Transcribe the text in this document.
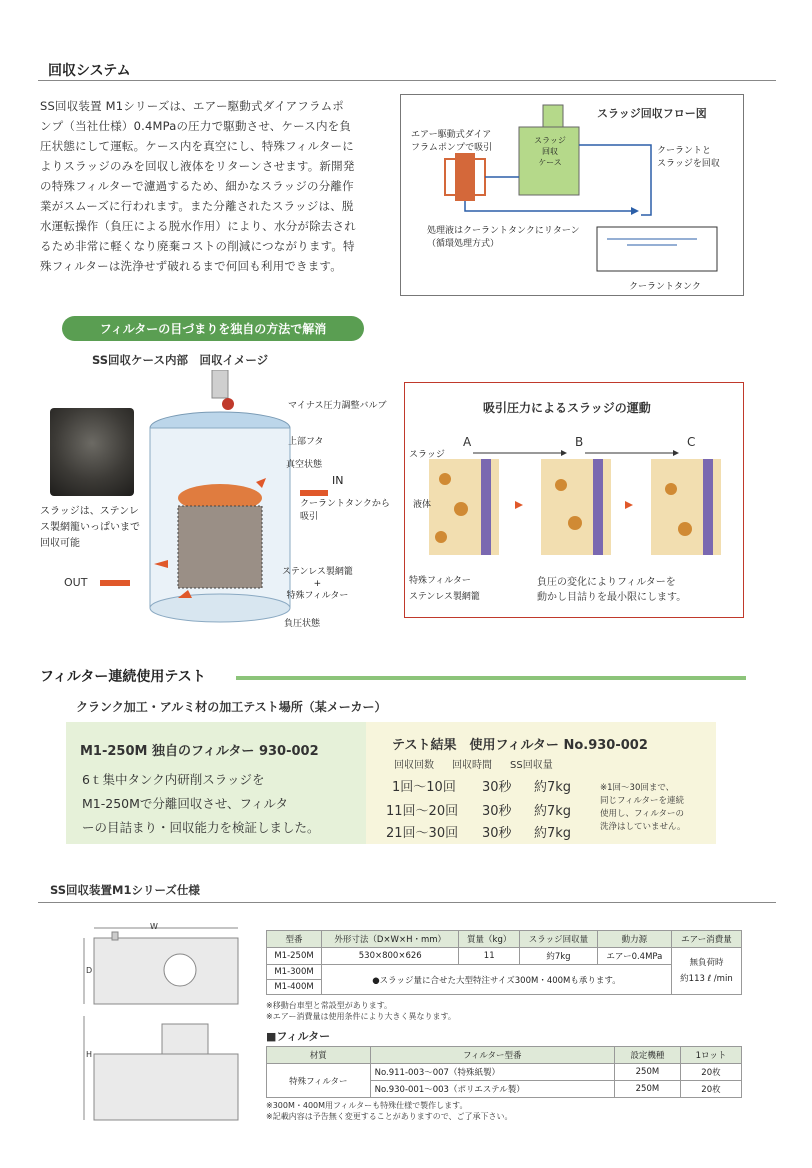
回収システム
SS回収装置 M1シリーズは、エアー駆動式ダイアフラムポ
ンプ（当社仕様）0.4MPaの圧力で駆動させ、ケース内を負
圧状態にして運転。ケース内を真空にし、特殊フィルターに
よりスラッジのみを回収し液体をリターンさせます。新開発
の特殊フィルターで濾過するため、細かなスラッジの分離作
業がスムーズに行われます。また分離されたスラッジは、脱
水運転操作（負圧による脱水作用）により、水分が除去され
るため非常に軽くなり廃棄コストの削減につながります。特
殊フィルターは洗浄せず破れるまで何回も利用できます。
スラッジ回収フロー図
スラッジ
回収
ケース
エアー駆動式ダイア
フラムポンプで吸引	クーラントと
スラッジを回収
処理液はクーラントタンクにリターン
（循環処理方式）
クーラントタンク
フィルターの目づまりを独自の方法で解消
SS回収ケース内部　回収イメージ
スラッジは、ステンレス製網籠いっぱいまで回収可能
OUT
マイナス圧力調整バルブ
上部フタ
真空状態
IN
クーラントタンクから
吸引
ステンレス製網籠
+
特殊フィルター
負圧状態
吸引圧力によるスラッジの運動
A	B	C
スラッジ
液体
特殊フィルター
ステンレス製網籠
負圧の変化によりフィルターを
動かし目詰りを最小限にします。
フィルター連続使用テスト
クランク加工・アルミ材の加工テスト場所（某メーカー）
M1-250M 独自のフィルター 930-002
6ｔ集中タンク内研削スラッジを
M1-250Mで分離回収させ、フィルタ
ーの目詰まり・回収能力を検証しました。
テスト結果　使用フィルター No.930-002
回収回数 回収時間 SS回収量
1回〜10回	30秒	約7kg
11回〜20回	30秒	約7kg
21回〜30回	30秒	約7kg
※1回〜30回まで、
同じフィルターを連続
使用し、フィルターの
洗浄はしていません。
SS回収装置M1シリーズ仕様
W
D
H
型番	外形寸法（D×W×H・mm）	質量（kg）	スラッジ回収量	動力源	エアー消費量
M1-250M	530×800×626	11	約7kg	エアー0.4MPa	無負荷時
約113 ℓ /min

M1-300M	●スラッジ量に合せた大型特注サイズ300M・400Mも承ります。				
M1-400M					
※移動台車型と常設型があります。
※エアー消費量は使用条件により大きく異なります。
■フィルター
材質	フィルター型番	設定機種	1ロット
特殊フィルター	No.911-003〜007（特殊紙製）	250M	20枚
	No.930-001〜003（ポリエステル製）	250M	20枚
※300M・400M用フィルターも特殊仕様で製作します。
※記載内容は予告無く変更することがありますので、ご了承下さい。
